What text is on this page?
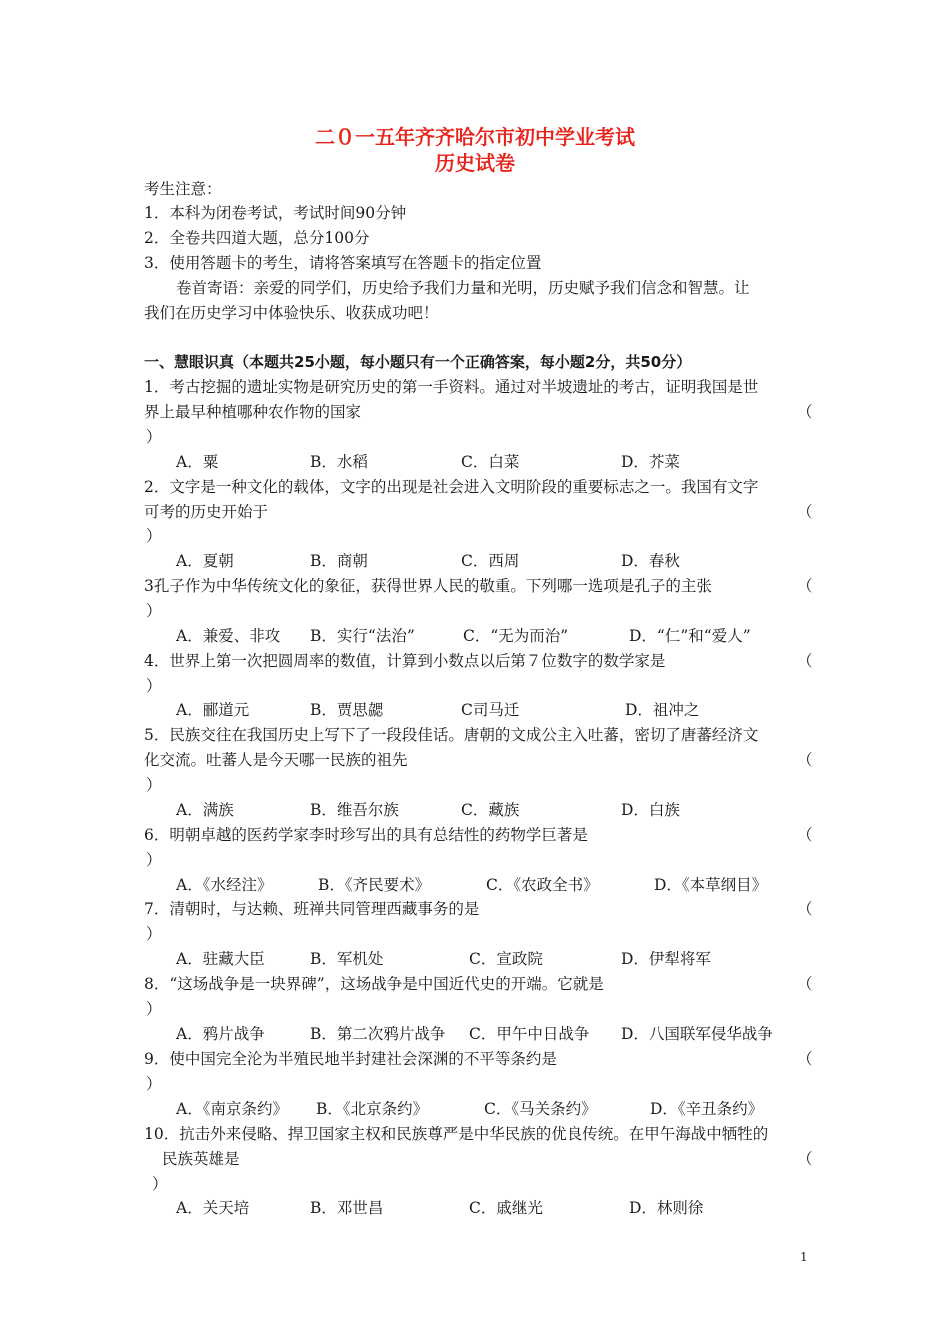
二０一五年齐齐哈尔市初中学业考试
历史试卷
考生注意：
1．本科为闭卷考试，考试时间90分钟
2．全卷共四道大题，总分100分
3．使用答题卡的考生，请将答案填写在答题卡的指定位置
卷首寄语：亲爱的同学们，历史给予我们力量和光明，历史赋予我们信念和智慧。让
我们在历史学习中体验快乐、收获成功吧！
一、慧眼识真（本题共25小题，每小题只有一个正确答案，每小题2分，共50分）
1．考古挖掘的遗址实物是研究历史的第一手资料。通过对半坡遗址的考古，证明我国是世
界上最早种植哪种农作物的国家	（
）
A．粟	B．水稻	C．白菜	D．芥菜
2．文字是一种文化的载体，文字的出现是社会进入文明阶段的重要标志之一。我国有文字
可考的历史开始于	（
）
A．夏朝	B．商朝	C．西周	D．春秋
3孔子作为中华传统文化的象征，获得世界人民的敬重。下列哪一选项是孔子的主张	（
）
A．兼爱、非攻 B．实行“法治”	C．“无为而治”	D．“仁”和“爱人”
4．世界上第一次把圆周率的数值，计算到小数点以后第７位数字的数学家是	（
）
A．郦道元	B．贾思勰	C司马迁	D．祖冲之
5．民族交往在我国历史上写下了一段段佳话。唐朝的文成公主入吐蕃，密切了唐蕃经济文
化交流。吐蕃人是今天哪一民族的祖先	（
）
A．满族	B．维吾尔族	C．藏族	D．白族
6．明朝卓越的医药学家李时珍写出的具有总结性的药物学巨著是	（
）
A．《水经注》	B．《齐民要术》	C．《农政全书》	D．《本草纲目》
7．清朝时，与达赖、班禅共同管理西藏事务的是	（
）
A．驻藏大臣	B．军机处	C．宣政院	D．伊犁将军
8．“这场战争是一块界碑”，这场战争是中国近代史的开端。它就是	（
）
A．鸦片战争	B．第二次鸦片战争 C．甲午中日战争 D．八国联军侵华战争
9．使中国完全沦为半殖民地半封建社会深渊的不平等条约是	（
）
A．《南京条约》 B．《北京条约》	C．《马关条约》	D．《辛丑条约》
10．抗击外来侵略、捍卫国家主权和民族尊严是中华民族的优良传统。在甲午海战中牺牲的
民族英雄是	（
）
A．关天培	B．邓世昌	C．戚继光	D．林则徐
1
